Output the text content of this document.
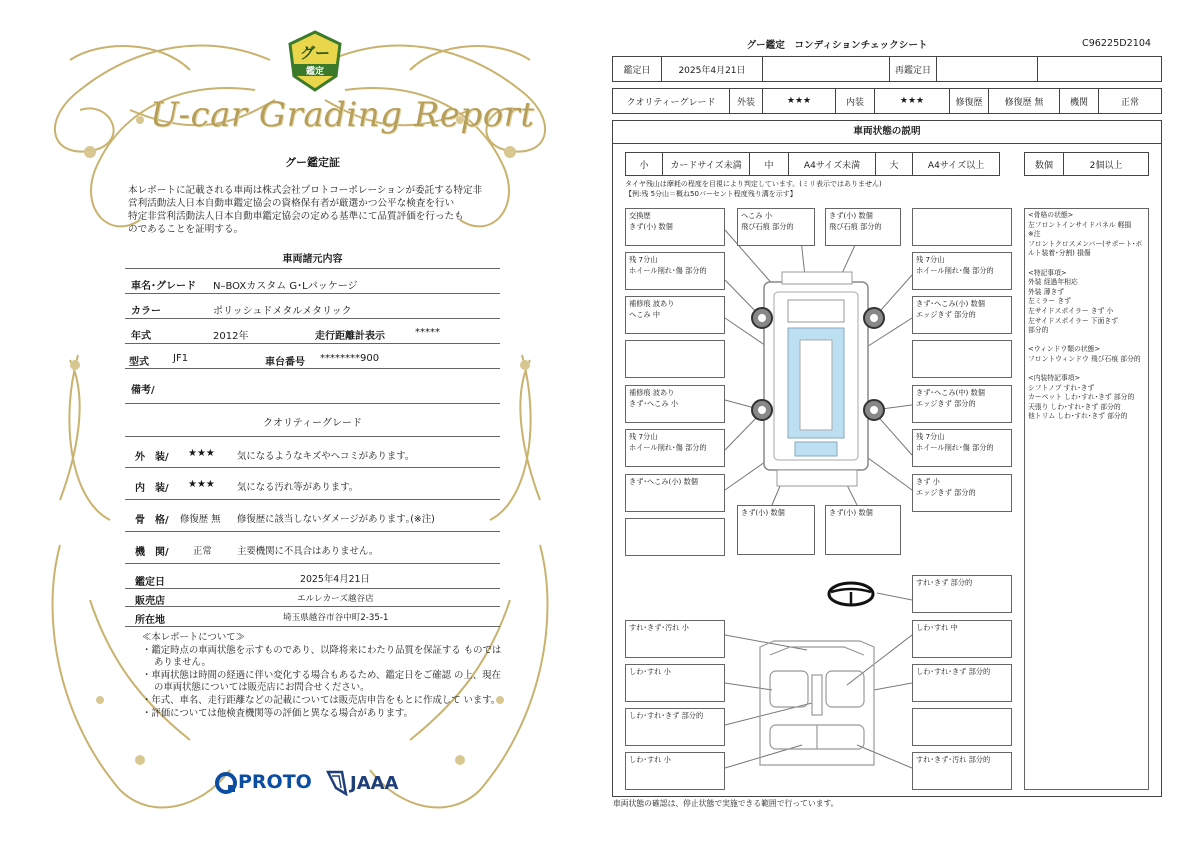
グー
鑑定
U-car Grading Report
グー鑑定証
本レポートに記載される車両は株式会社プロトコーポレーションが委託する特定非
営利活動法人日本自動車鑑定協会の資格保有者が厳選かつ公平な検査を行い
特定非営利活動法人日本自動車鑑定協会の定める基準にて品質評価を行ったも
のであることを証明する。
車両諸元内容
車名･グレード N–BOXカスタム G･Lパッケージ
カラー	ポリッシュドメタルメタリック
年式	2012年	走行距離計表示	*****
型式 JF1	車台番号 ********900
備考/
クオリティーグレード
外　装/ ★★★ 気になるようなキズやヘコミがあります。
内　装/ ★★★ 気になる汚れ等があります。
骨　格/ 修復歴 無 修復歴に該当しないダメージがあります｡(※注)
機　関/	正常	主要機関に不具合はありません。
鑑定日	2025年4月21日
販売店	エルレカーズ越谷店
所在地	埼玉県越谷市谷中町2-35-1
≪本レポートについて≫
・鑑定時点の車両状態を示すものであり、以降将来にわたり品質を保証する ものではありません。
・車両状態は時間の経過に伴い変化する場合もあるため、鑑定日をご確認 の上、現在の車両状態については販売店にお問合せください。
・年式、車名、走行距離などの記載については販売店申告をもとに作成して います。
・評価については他検査機関等の評価と異なる場合があります。
PROTO JAAA
グー鑑定　コンディションチェックシート	C96225D2104
鑑定日	2025年4月21日	再鑑定日
クオリティーグレード	外装	★★★	内装	★★★	修復歴	修復歴 無	機関	正常
車両状態の説明
小	カードサイズ未満	中	A4サイズ未満	大	A4サイズ以上	数個	2個以上
タイヤ残山は摩耗の程度を目視により判定しています。(ミリ表示ではありません)
【例:残 5分山＝概ね50パーセント程度残り溝を示す】
交換歴
きず(小) 数個
へこみ 小
飛び石痕 部分的
きず(小) 数個
飛び石痕 部分的
残 7分山
ホイール削れ･傷 部分的
残 7分山
ホイール削れ･傷 部分的
補修痕 波あり
へこみ 中
きず･へこみ(小) 数個
エッジきず 部分的
補修痕 波あり
きず･へこみ 小
きず･へこみ(中) 数個
エッジきず 部分的
残 7分山
ホイール削れ･傷 部分的
残 7分山
ホイール削れ･傷 部分的
きず･へこみ(小) 数個	きず 小
エッジきず 部分的
きず(小) 数個	きず(小) 数個
<骨格の状態>
左フロントインサイドパネル 軽損
※注
フロントクロスメンバー(サポート･ボルト装着･分割) 損傷
<特記事項>
外装 経過年相応
外装 薄きず
左ミラー きず
左サイドスポイラー きず 小
左サイドスポイラー 下面きず
部分的
<ウィンドウ類の状態>
フロントウィンドウ 飛び石痕 部分的
<内装特記事項>
シフトノブ すれ･きず
カーペット しわ･すれ･きず 部分的
天張り しわ･すれ･きず 部分的
他トリム しわ･すれ･きず 部分的
すれ･きず 部分的
すれ･きず･汚れ 小	しわ･すれ 中
しわ･すれ 小	しわ･すれ･きず 部分的
しわ･すれ･きず 部分的
しわ･すれ 小	すれ･きず･汚れ 部分的
車両状態の確認は、停止状態で実施できる範囲で行っています。
